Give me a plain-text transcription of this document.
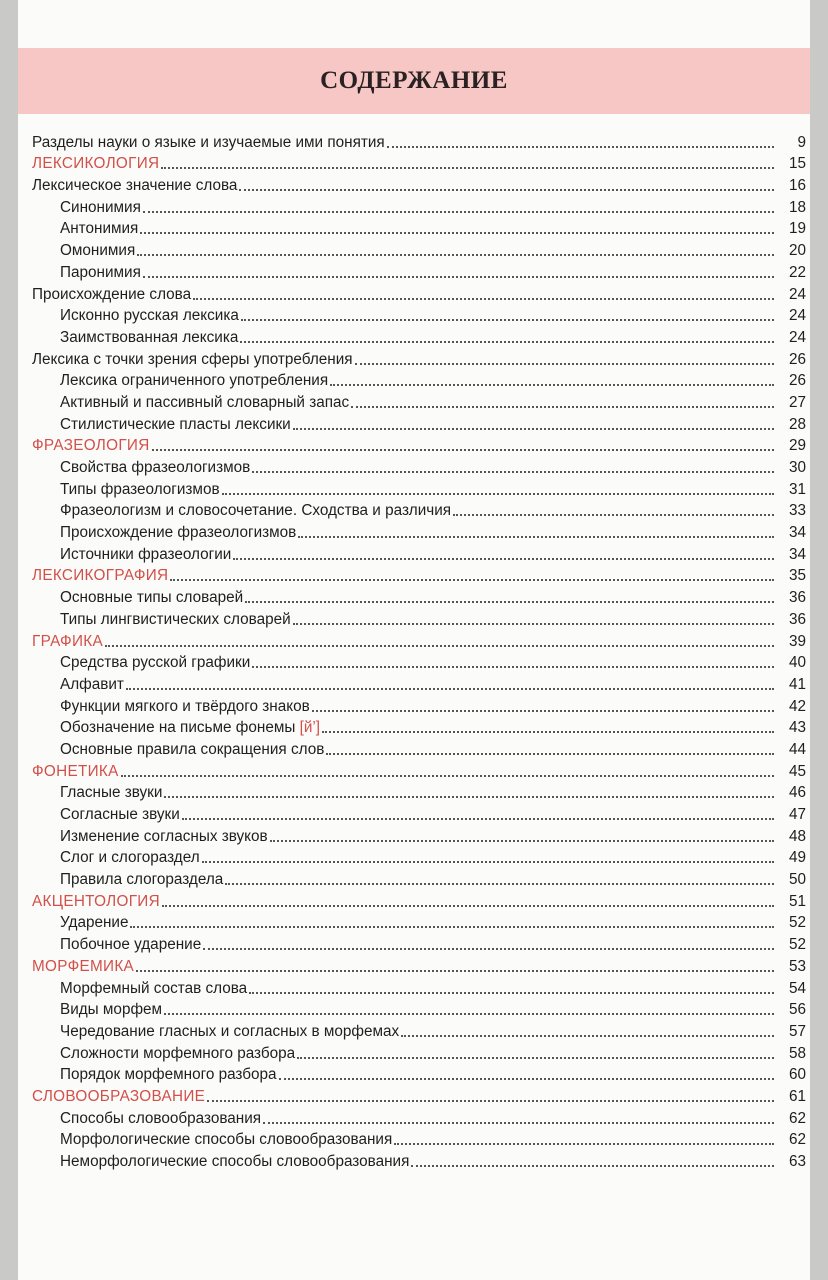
СОДЕРЖАНИЕ
Разделы науки о языке и изучаемые ими понятия	9
ЛЕКСИКОЛОГИЯ	15
Лексическое значение слова	16
Синонимия	18
Антонимия	19
Омонимия	20
Паронимия	22
Происхождение слова	24
Исконно русская лексика	24
Заимствованная лексика	24
Лексика с точки зрения сферы употребления	26
Лексика ограниченного употребления	26
Активный и пассивный словарный запас	27
Стилистические пласты лексики	28
ФРАЗЕОЛОГИЯ	29
Свойства фразеологизмов	30
Типы фразеологизмов	31
Фразеологизм и словосочетание. Сходства и различия	33
Происхождение фразеологизмов	34
Источники фразеологии	34
ЛЕКСИКОГРАФИЯ	35
Основные типы словарей	36
Типы лингвистических словарей	36
ГРАФИКА	39
Средства русской графики	40
Алфавит	41
Функции мягкого и твёрдого знаков	42
Обозначение на письме фонемы [й’]	43
Основные правила сокращения слов	44
ФОНЕТИКА	45
Гласные звуки	46
Согласные звуки	47
Изменение согласных звуков	48
Слог и слогораздел	49
Правила слогораздела	50
АКЦЕНТОЛОГИЯ	51
Ударение	52
Побочное ударение	52
МОРФЕМИКА	53
Морфемный состав слова	54
Виды морфем	56
Чередование гласных и согласных в морфемах	57
Сложности морфемного разбора	58
Порядок морфемного разбора	60
СЛОВООБРАЗОВАНИЕ	61
Способы словообразования	62
Морфологические способы словообразования	62
Неморфологические способы словообразования	63
